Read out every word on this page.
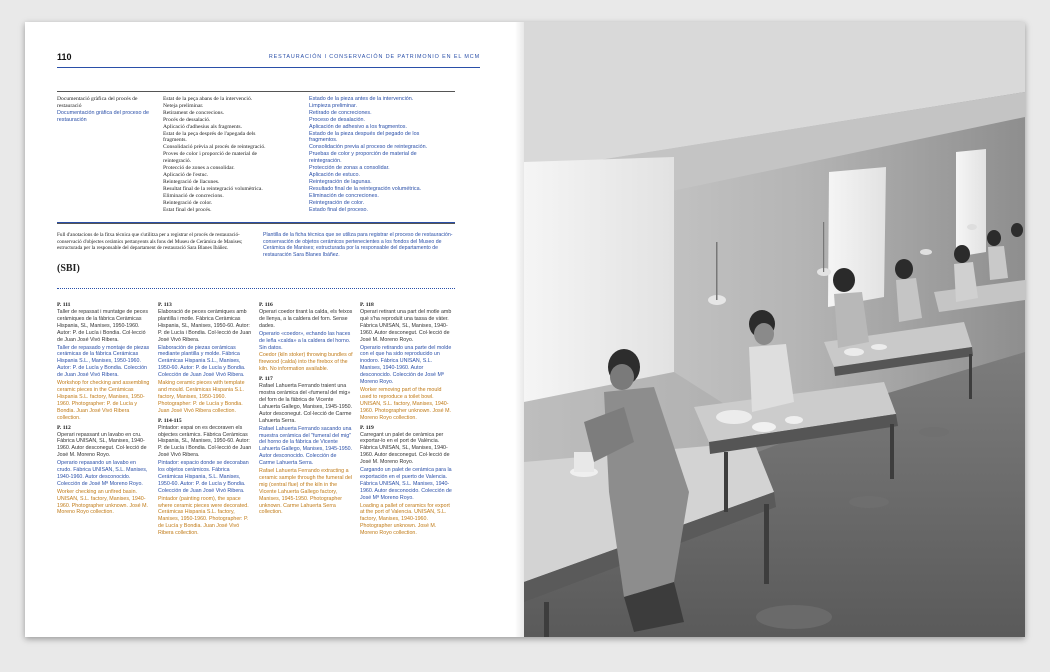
110	RESTAURACIÓN I CONSERVACIÓN DE PATRIMONIO EN EL MCM
Documentació gràfica del procés de
restauració
Documentación gràfica del proceso de
restauración
Estat de la peça abans de la intervenció.
Neteja preliminar.
Retirament de concrecions.
Procés de dessalació.
Aplicació d'adhesius als fragments.
Estat de la peça després de l'apegada dels
fragments.
Consolidació prèvia al procés de reintegració.
Proves de color i proporció de material de
reintegració.
Protecció de zones a consolidar.
Aplicació de l'estuc.
Reintegració de llacunes.
Resultat final de la reintegració volumètrica.
Eliminació de concrecions.
Reintegració de color.
Estat final del procés.
Estado de la pieza antes de la intervención.
Limpieza preliminar.
Retirado de concreciones.
Proceso de desalación.
Aplicación de adhesivo a los fragmentos.
Estado de la pieza después del pegado de los
fragmentos.
Consolidación previa al proceso de reintegración.
Pruebas de color y proporción de material de
reintegración.
Protección de zonas a consolidar.
Aplicación de estuco.
Reintegración de lagunas.
Resultado final de la reintegración volumétrica.
Eliminación de concreciones.
Reintegración de color.
Estado final del proceso.
Full d'anotacions de la fitxa tècnica que s'utilitza per a registrar el procés de restauració-conservació d'objectes ceràmics pertanyents als fons del Museu de Ceràmica de Manises; estructurada per la responsable del departament de restauració Sara Blanes Ibáñez.
Plantilla de la ficha técnica que se utiliza para registrar el proceso de restauración-conservación de objetos cerámicos pertenecientes a los fondos del Museo de Cerámica de Manises; estructurada por la responsable del departamento de restauración Sara Blanes Ibáñez.
(SBI)
P. 111
Taller de repassat i muntatge de peces ceràmiques de la fàbrica Ceràmicas Hispania, SL, Manises, 1950-1960. Autor: P. de Lucía i Bondia. Col·lecció de Juan José Vivó Ribera.
Taller de repasado y montaje de piezas cerámicas de la fábrica Cerámicas Hispania S.L., Manises, 1950-1960. Autor: P. de Lucía y Bondia. Colección de Juan José Vivó Ribera.
Workshop for checking and assembling ceramic pieces in the Cerámicas Hispania S.L. factory, Manises, 1950-1960. Photographer: P. de Lucía y Bondia. Juan José Vivó Ribera collection.
P. 112
Operari repassant un lavabo en cru. Fàbrica UNISAN, SL, Manises, 1940-1960. Autor desconegut. Col·lecció de José M. Moreno Royo.
Operario repasando un lavabo en crudo. Fábrica UNISAN, S.L. Manises, 1940-1960. Autor desconocido. Colección de José Mª Moreno Royo.
Worker checking an unfired basin. UNISAN, S.L. factory, Manises, 1940-1960. Photographer unknown. José M. Moreno Royo collection.
P. 113
Elaboració de peces ceràmiques amb plantilla i motle. Fàbrica Ceràmicas Hispania, SL, Manises, 1950-60. Autor: P. de Lucía i Bondia. Col·lecció de Juan José Vivó Ribera.
Elaboración de piezas cerámicas mediante plantilla y molde. Fábrica Cerámicas Hispania S.L., Manises, 1950-60. Autor: P. de Lucía y Bondia. Colección de Juan José Vivó Ribera.
Making ceramic pieces with template and mould. Cerámicas Hispania S.L. factory, Manises, 1950-1960. Photographer: P. de Lucía y Bondia. Juan José Vivó Ribera collection.
P. 114-115
Pintador: espai on es decoraven els objectes ceràmics. Fàbrica Ceràmicas Hispania, SL, Manises, 1950-60. Autor: P. de Lucía i Bondia. Col·lecció de Juan José Vivó Ribera.
Pintador: espacio donde se decoraban los objetos cerámicos. Fábrica Cerámicas Hispania, S.L. Manises, 1950-60. Autor: P. de Lucía y Bondia. Colección de Juan José Vivó Ribera.
Pintador (painting room), the space where ceramic pieces were decorated. Cerámicas Hispania S.L. factory, Manises, 1950-1960. Photographer: P. de Lucía y Bondia. Juan José Vivó Ribera collection.
P. 116
Operari coedor tirant la calda, els feixos de llenya, a la caldera del forn. Sense dades.
Operario «coedor», echando las haces de leña «calda» a la caldera del horno. Sin datos.
Coedor (kiln stoker) throwing bundles of firewood (calda) into the firebox of the kiln. No information available.
P. 117
Rafael Lahuerta Ferrando traient una mostra ceràmica del «fumeral del mig» del forn de la fàbrica de Vicente Lahuerta Gallego, Manises, 1945-1950. Autor desconegut. Col·lecció de Carme Lahuerta Serra.
Rafael Lahuerta Ferrando sacando una muestra cerámica del "fumeral del mig" del horno de la fábrica de Vicente Lahuerta Gallego, Manises, 1945-1950. Autor desconocido. Colección de Carme Lahuerta Serra.
Rafael Lahuerta Ferrando extracting a ceramic sample through the fumeral del mig (central flue) of the kiln in the Vicente Lahuerta Gallego factory, Manises, 1945-1950. Photographer unknown. Carme Lahuerta Serra collection.
P. 118
Operari retirant una part del motle amb què s'ha reproduït una tassa de vàter. Fàbrica UNISAN, SL, Manises, 1940-1960. Autor desconegut. Col·lecció de José M. Moreno Royo.
Operario retirando una parte del molde con el que ha sido reproducido un inodoro. Fábrica UNISAN, S.L. Manises, 1940-1960. Autor desconocido. Colección de José Mª Moreno Royo.
Worker removing part of the mould used to reproduce a toilet bowl. UNISAN, S.L. factory, Manises, 1940-1960. Photographer unknown. José M. Moreno Royo collection.
P. 119
Carregant un palet de ceràmica per exportar-lo en el port de València. Fàbrica UNISAN, SL, Manises, 1940-1960. Autor desconegut. Col·lecció de José M. Moreno Royo.
Cargando un palet de cerámica para la exportación en el puerto de Valencia. Fábrica UNISAN, S.L. Manises, 1940-1960. Autor desconocido. Colección de José Mª Moreno Royo.
Loading a pallet of ceramics for export at the port of Valencia. UNISAN, S.L. factory, Manises, 1940-1960. Photographer unknown. José M. Moreno Royo collection.
